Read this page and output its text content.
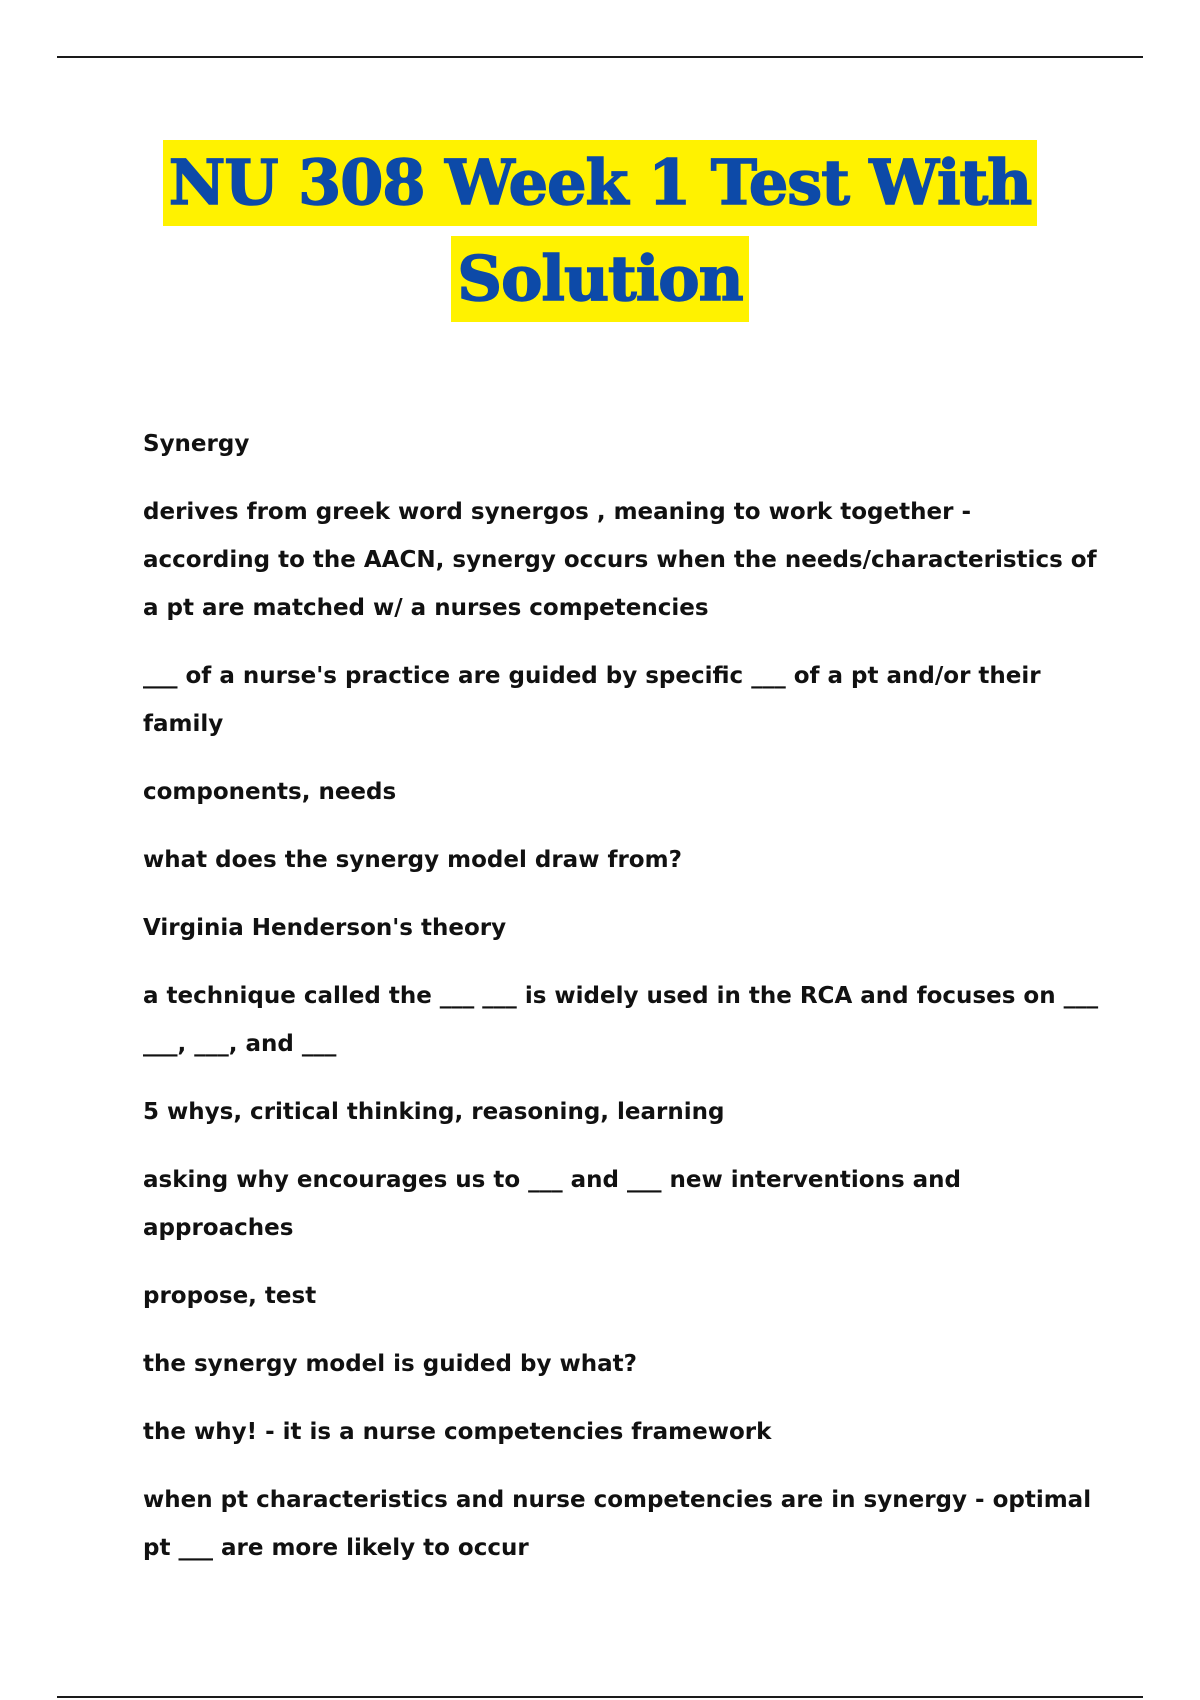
NU 308 Week 1 Test With
Solution

Synergy

derives from greek word synergos , meaning to work together - according to the AACN, synergy occurs when the needs/characteristics of a pt are matched w/ a nurses competencies

___ of a nurse's practice are guided by specific ___ of a pt and/or their family

components, needs

what does the synergy model draw from?

Virginia Henderson's theory

a technique called the ___ ___ is widely used in the RCA and focuses on ___ ___, ___, and ___

5 whys, critical thinking, reasoning, learning

asking why encourages us to ___ and ___ new interventions and approaches

propose, test

the synergy model is guided by what?

the why! - it is a nurse competencies framework

when pt characteristics and nurse competencies are in synergy - optimal pt ___ are more likely to occur
